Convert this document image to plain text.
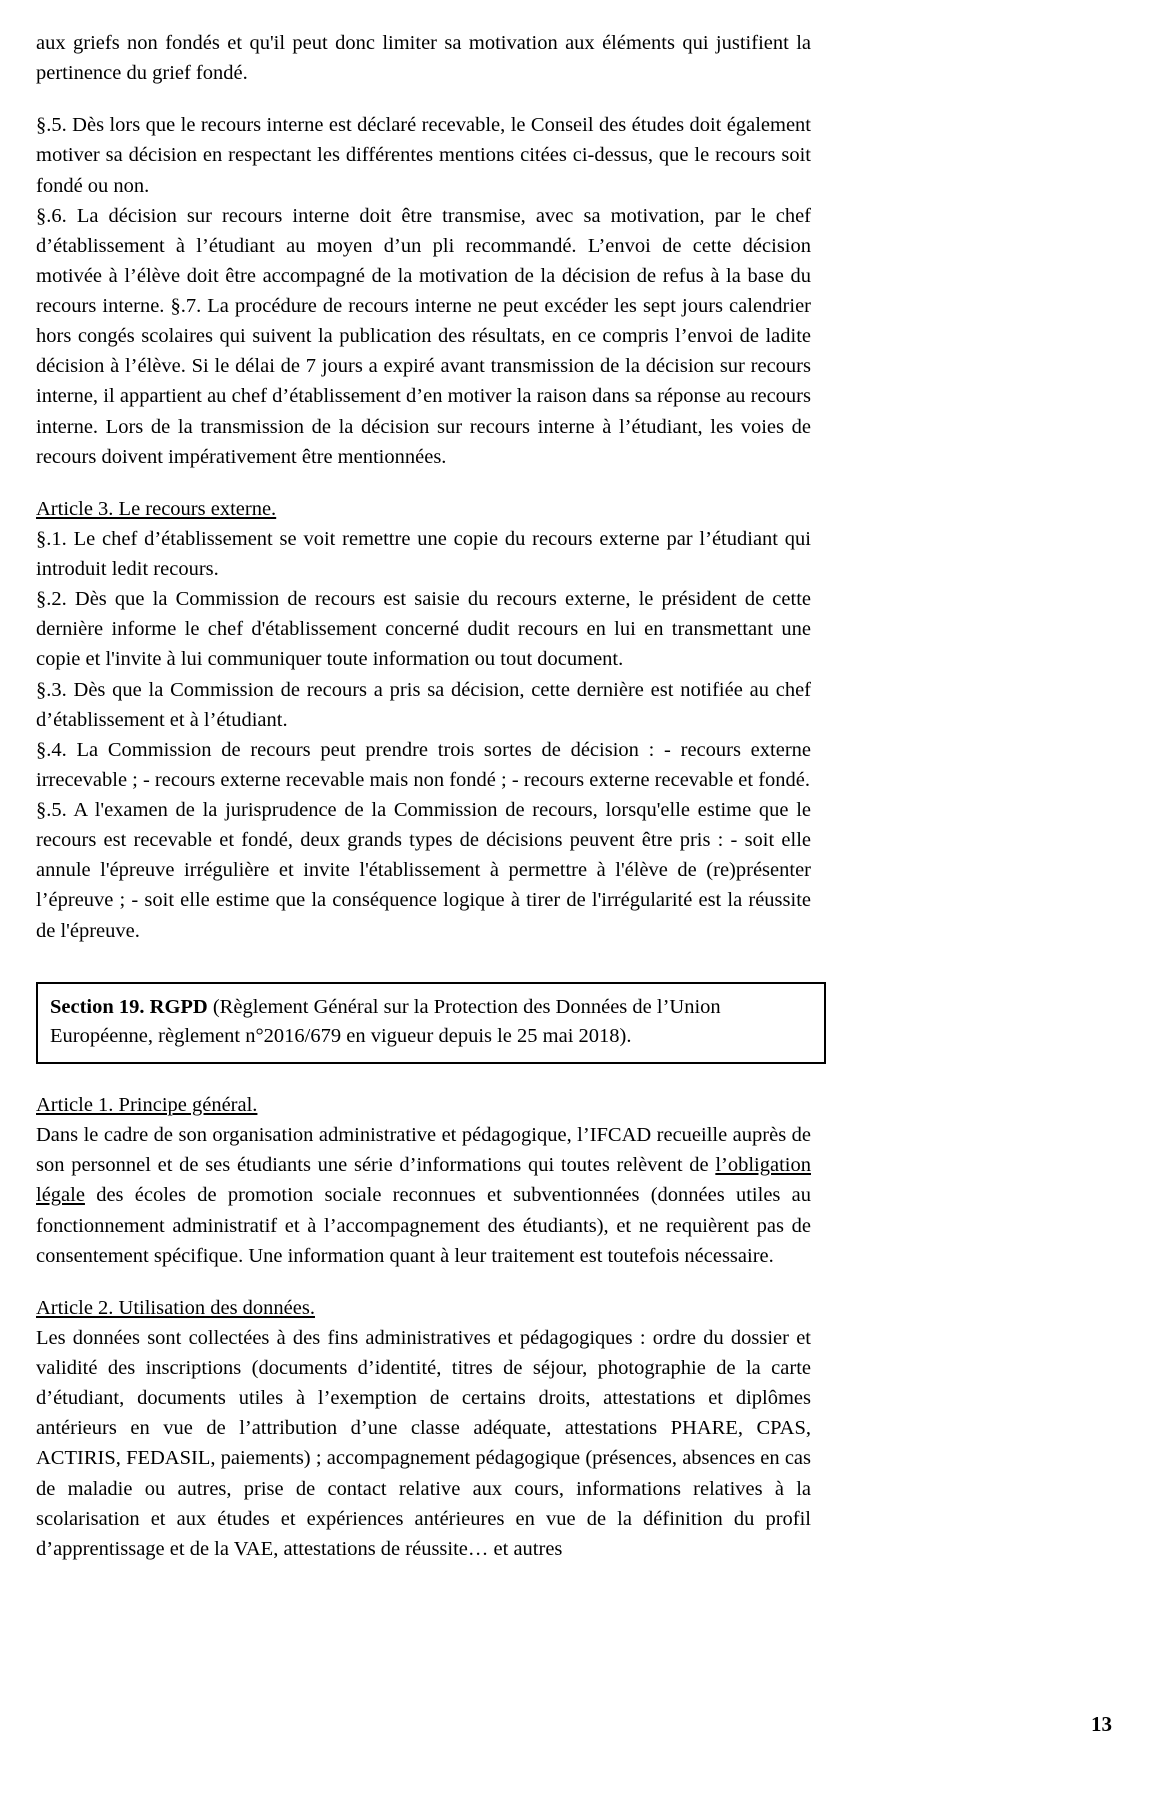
aux griefs non fondés et qu'il peut donc limiter sa motivation aux éléments qui justifient la pertinence du grief fondé.

§.5. Dès lors que le recours interne est déclaré recevable, le Conseil des études doit également motiver sa décision en respectant les différentes mentions citées ci-dessus, que le recours soit fondé ou non.

§.6. La décision sur recours interne doit être transmise, avec sa motivation, par le chef d’établissement à l’étudiant au moyen d’un pli recommandé. L’envoi de cette décision motivée à l’élève doit être accompagné de la motivation de la décision de refus à la base du recours interne. §.7. La procédure de recours interne ne peut excéder les sept jours calendrier hors congés scolaires qui suivent la publication des résultats, en ce compris l’envoi de ladite décision à l’élève. Si le délai de 7 jours a expiré avant transmission de la décision sur recours interne, il appartient au chef d’établissement d’en motiver la raison dans sa réponse au recours interne. Lors de la transmission de la décision sur recours interne à l’étudiant, les voies de recours doivent impérativement être mentionnées.

Article 3. Le recours externe.

§.1. Le chef d’établissement se voit remettre une copie du recours externe par l’étudiant qui introduit ledit recours.

§.2. Dès que la Commission de recours est saisie du recours externe, le président de cette dernière informe le chef d'établissement concerné dudit recours en lui en transmettant une copie et l'invite à lui communiquer toute information ou tout document.

§.3. Dès que la Commission de recours a pris sa décision, cette dernière est notifiée au chef d’établissement et à l’étudiant.

§.4. La Commission de recours peut prendre trois sortes de décision : - recours externe irrecevable ; - recours externe recevable mais non fondé ; - recours externe recevable et fondé.

§.5. A l'examen de la jurisprudence de la Commission de recours, lorsqu'elle estime que le recours est recevable et fondé, deux grands types de décisions peuvent être pris : - soit elle annule l'épreuve irrégulière et invite l'établissement à permettre à l'élève de (re)présenter l’épreuve ; - soit elle estime que la conséquence logique à tirer de l'irrégularité est la réussite de l'épreuve.

Section 19. RGPD (Règlement Général sur la Protection des Données de l’Union Européenne, règlement n°2016/679 en vigueur depuis le 25 mai 2018).

Article 1. Principe général.

Dans le cadre de son organisation administrative et pédagogique, l’IFCAD recueille auprès de son personnel et de ses étudiants une série d’informations qui toutes relèvent de l’obligation légale des écoles de promotion sociale reconnues et subventionnées (données utiles au fonctionnement administratif et à l’accompagnement des étudiants), et ne requièrent pas de consentement spécifique. Une information quant à leur traitement est toutefois nécessaire.

Article 2. Utilisation des données.

Les données sont collectées à des fins administratives et pédagogiques : ordre du dossier et validité des inscriptions (documents d’identité, titres de séjour, photographie de la carte d’étudiant, documents utiles à l’exemption de certains droits, attestations et diplômes antérieurs en vue de l’attribution d’une classe adéquate, attestations PHARE, CPAS, ACTIRIS, FEDASIL, paiements) ; accompagnement pédagogique (présences, absences en cas de maladie ou autres, prise de contact relative aux cours, informations relatives à la scolarisation et aux études et expériences antérieures en vue de la définition du profil d’apprentissage et de la VAE, attestations de réussite… et autres

13
